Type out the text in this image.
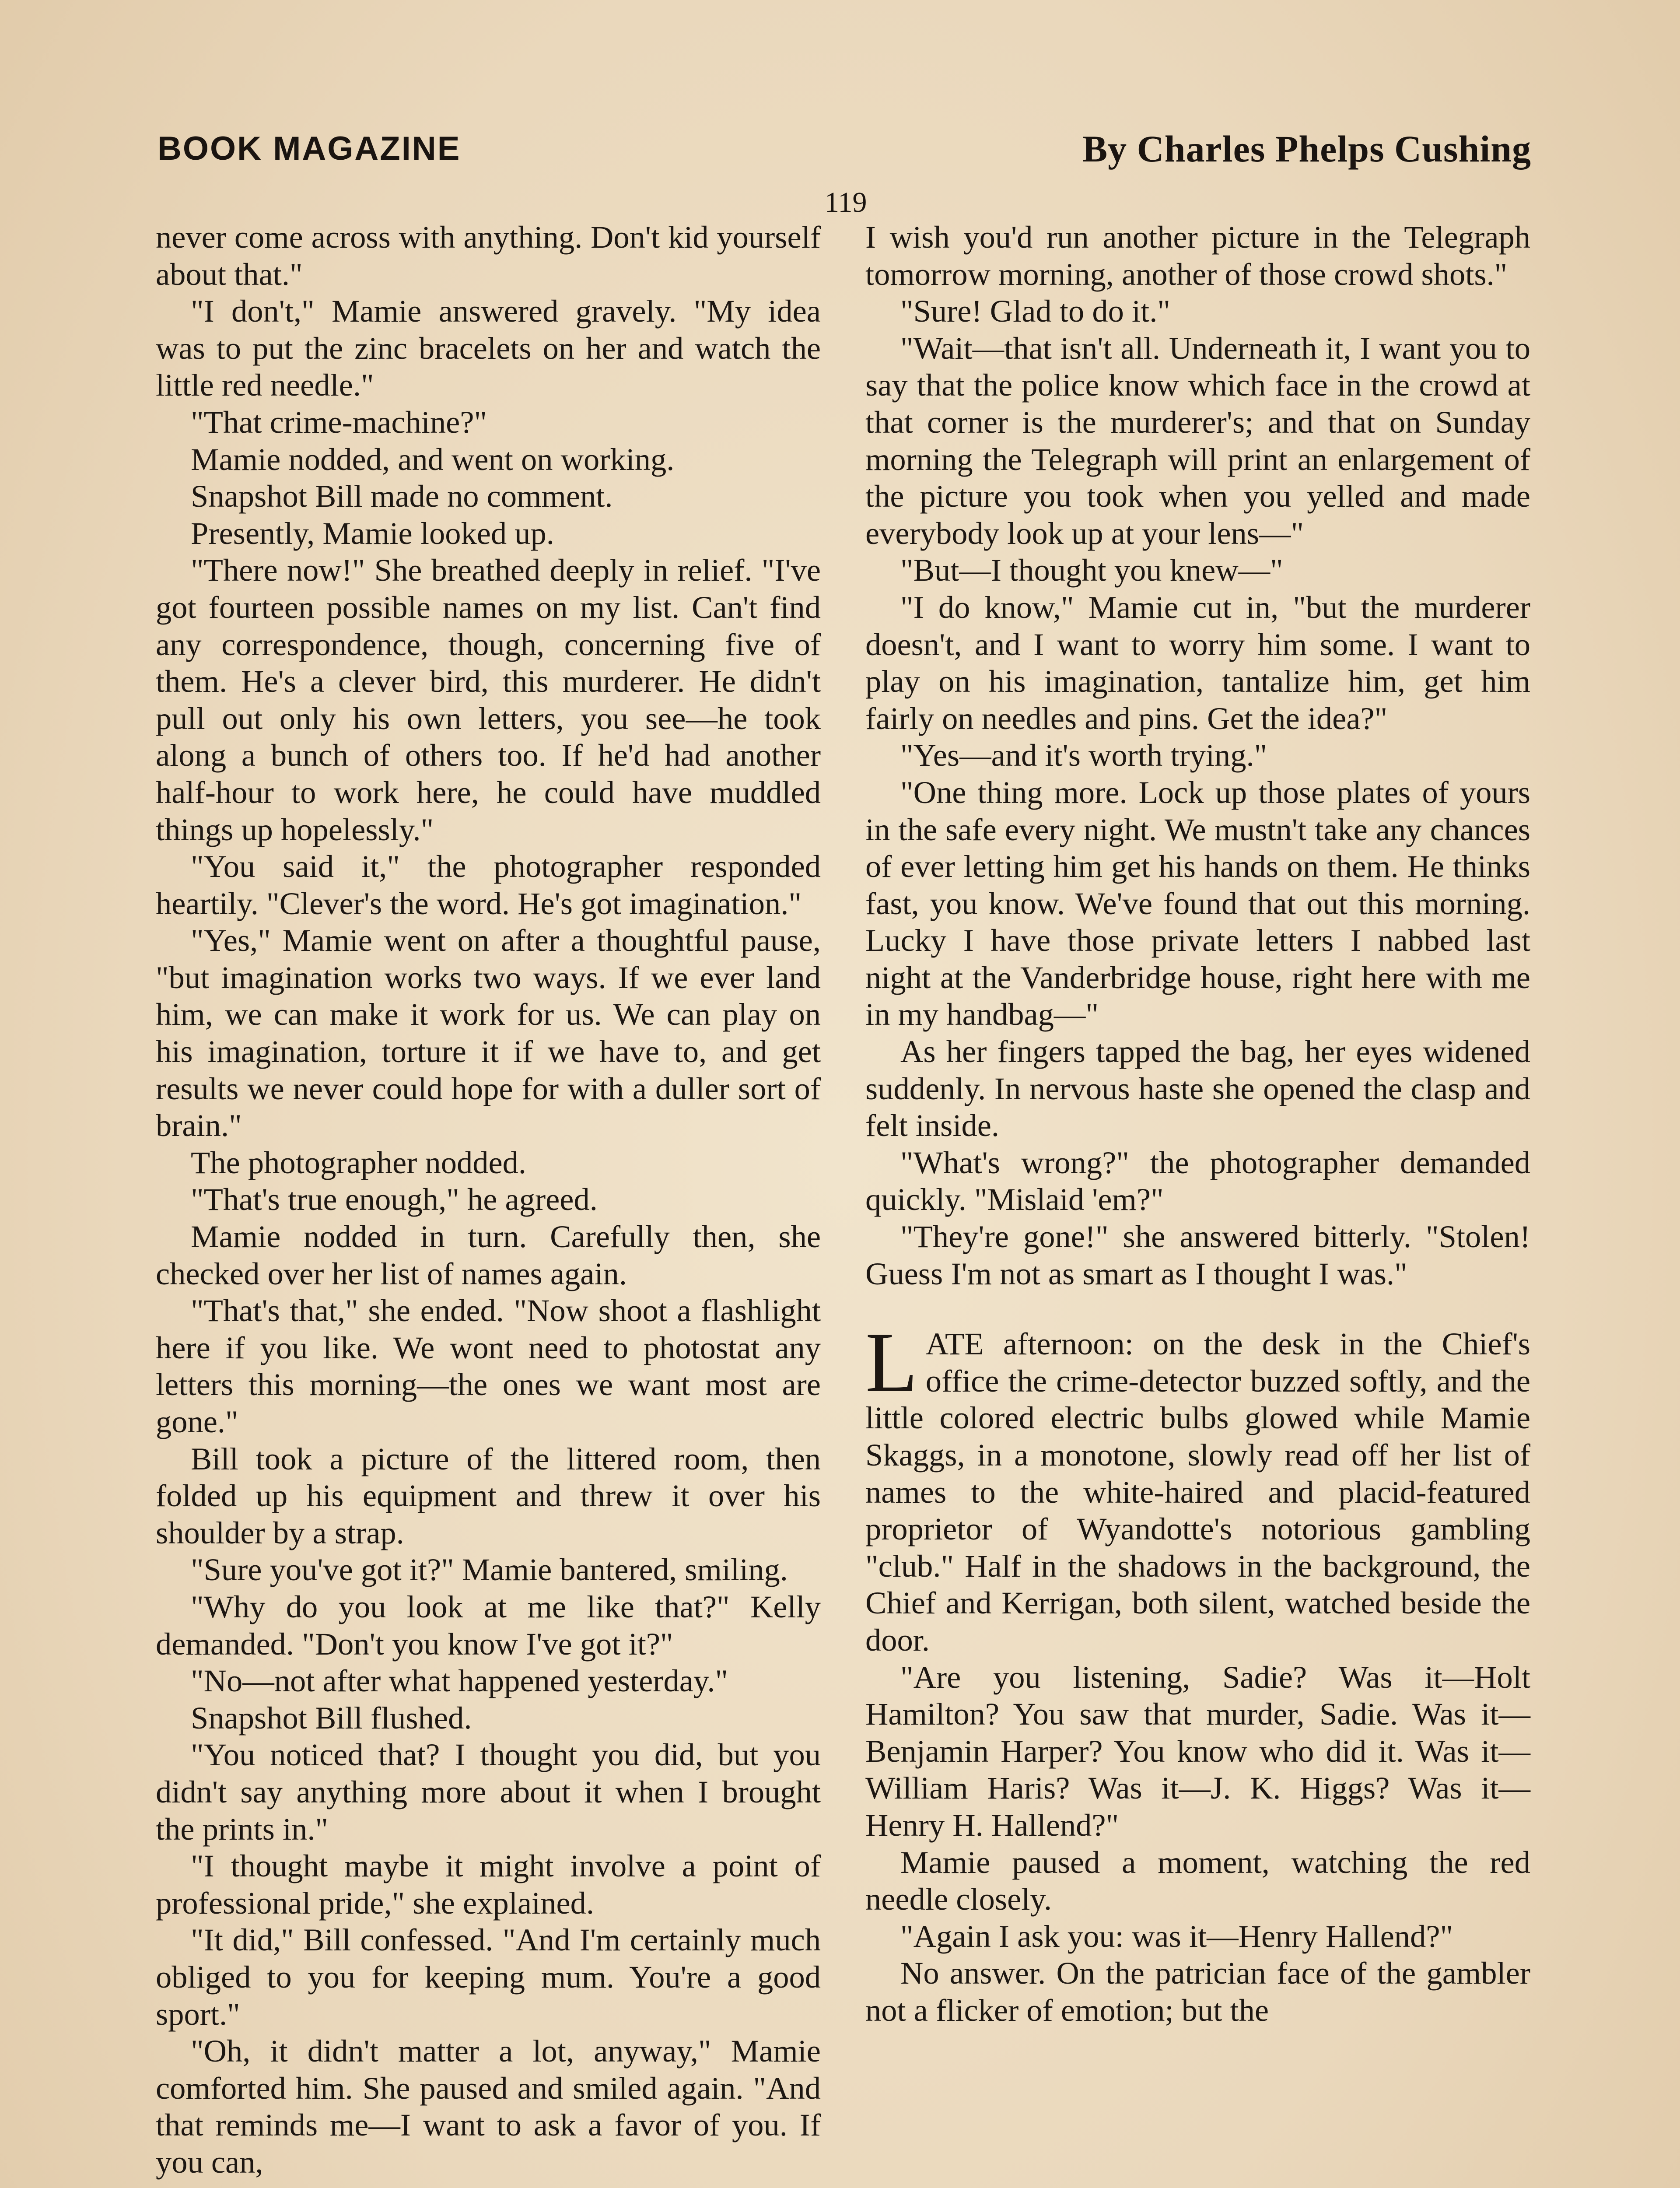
BOOK MAGAZINE	By Charles Phelps Cushing
119

never come across with anything. Don't kid yourself about that."

"I don't," Mamie answered gravely. "My idea was to put the zinc bracelets on her and watch the little red needle."

"That crime-machine?"

Mamie nodded, and went on working.

Snapshot Bill made no comment.

Presently, Mamie looked up.

"There now!" She breathed deeply in relief. "I've got fourteen possible names on my list. Can't find any correspondence, though, concerning five of them. He's a clever bird, this murderer. He didn't pull out only his own letters, you see—he took along a bunch of others too. If he'd had another half-hour to work here, he could have muddled things up hopelessly."

"You said it," the photographer responded heartily. "Clever's the word. He's got imagination."

"Yes," Mamie went on after a thoughtful pause, "but imagination works two ways. If we ever land him, we can make it work for us. We can play on his imagination, torture it if we have to, and get results we never could hope for with a duller sort of brain."

The photographer nodded.

"That's true enough," he agreed.

Mamie nodded in turn. Carefully then, she checked over her list of names again.

"That's that," she ended. "Now shoot a flashlight here if you like. We wont need to photostat any letters this morning—the ones we want most are gone."

Bill took a picture of the littered room, then folded up his equipment and threw it over his shoulder by a strap.

"Sure you've got it?" Mamie bantered, smiling.

"Why do you look at me like that?" Kelly demanded. "Don't you know I've got it?"

"No—not after what happened yesterday."

Snapshot Bill flushed.

"You noticed that? I thought you did, but you didn't say anything more about it when I brought the prints in."

"I thought maybe it might involve a point of professional pride," she explained.

"It did," Bill confessed. "And I'm certainly much obliged to you for keeping mum. You're a good sport."

"Oh, it didn't matter a lot, anyway," Mamie comforted him. She paused and smiled again. "And that reminds me—I want to ask a favor of you. If you can,

I wish you'd run another picture in the Telegraph tomorrow morning, another of those crowd shots."

"Sure! Glad to do it."

"Wait—that isn't all. Underneath it, I want you to say that the police know which face in the crowd at that corner is the murderer's; and that on Sunday morning the Telegraph will print an enlargement of the picture you took when you yelled and made everybody look up at your lens—"

"But—I thought you knew—"

"I do know," Mamie cut in, "but the murderer doesn't, and I want to worry him some. I want to play on his imagination, tantalize him, get him fairly on needles and pins. Get the idea?"

"Yes—and it's worth trying."

"One thing more. Lock up those plates of yours in the safe every night. We mustn't take any chances of ever letting him get his hands on them. He thinks fast, you know. We've found that out this morning. Lucky I have those private letters I nabbed last night at the Vanderbridge house, right here with me in my handbag—"

As her fingers tapped the bag, her eyes widened suddenly. In nervous haste she opened the clasp and felt inside.

"What's wrong?" the photographer demanded quickly. "Mislaid 'em?"

"They're gone!" she answered bitterly. "Stolen! Guess I'm not as smart as I thought I was."

LATE afternoon: on the desk in the Chief's office the crime-detector buzzed softly, and the little colored electric bulbs glowed while Mamie Skaggs, in a monotone, slowly read off her list of names to the white-haired and placid-featured proprietor of Wyandotte's notorious gambling "club." Half in the shadows in the background, the Chief and Kerrigan, both silent, watched beside the door.

"Are you listening, Sadie? Was it—Holt Hamilton? You saw that murder, Sadie. Was it—Benjamin Harper? You know who did it. Was it—William Haris? Was it—J. K. Higgs? Was it—Henry H. Hallend?"

Mamie paused a moment, watching the red needle closely.

"Again I ask you: was it—Henry Hallend?"

No answer. On the patrician face of the gambler not a flicker of emotion; but the
